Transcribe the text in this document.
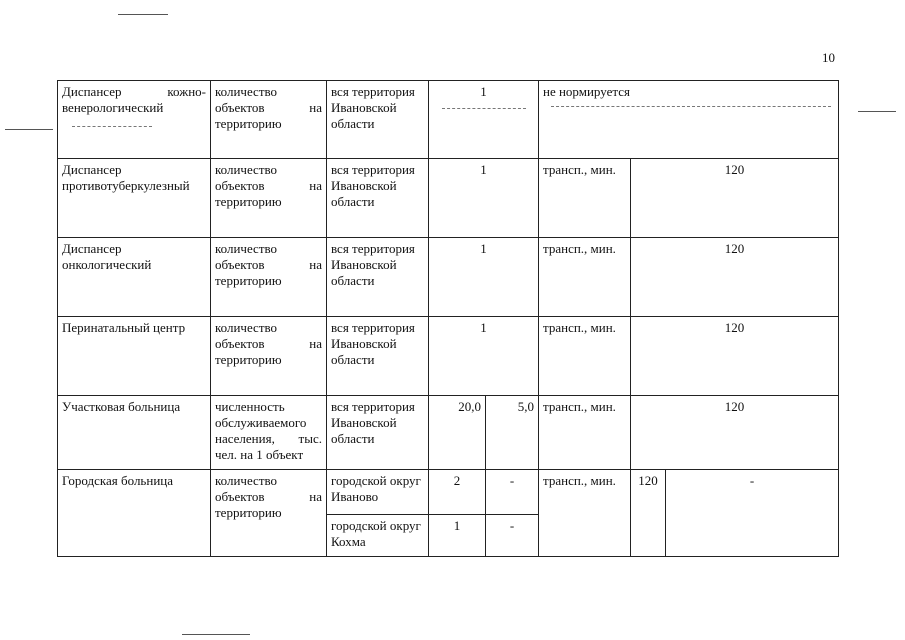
10
Диспансер кожно-венерологический	количество объектов на территорию	вся территория Ивановской области	1		не нормируется		

Диспансер противотуберкулезный	количество объектов на территорию	вся территория Ивановской области	1		трансп., мин.	120	
Диспансер онкологический	количество объектов на территорию	вся территория Ивановской области	1		трансп., мин.	120	
Перинатальный центр	количество объектов на территорию	вся территория Ивановской области	1		трансп., мин.	120	
Участковая больница	численность обслуживаемого населения, тыс. чел. на 1 объект	вся территория Ивановской области	20,0	5,0	трансп., мин.	120	
Городская больница	количество объектов на территорию	городской округ Иваново	2	-	трансп., мин.	120	-
		городской округ Кохма	1	-			
